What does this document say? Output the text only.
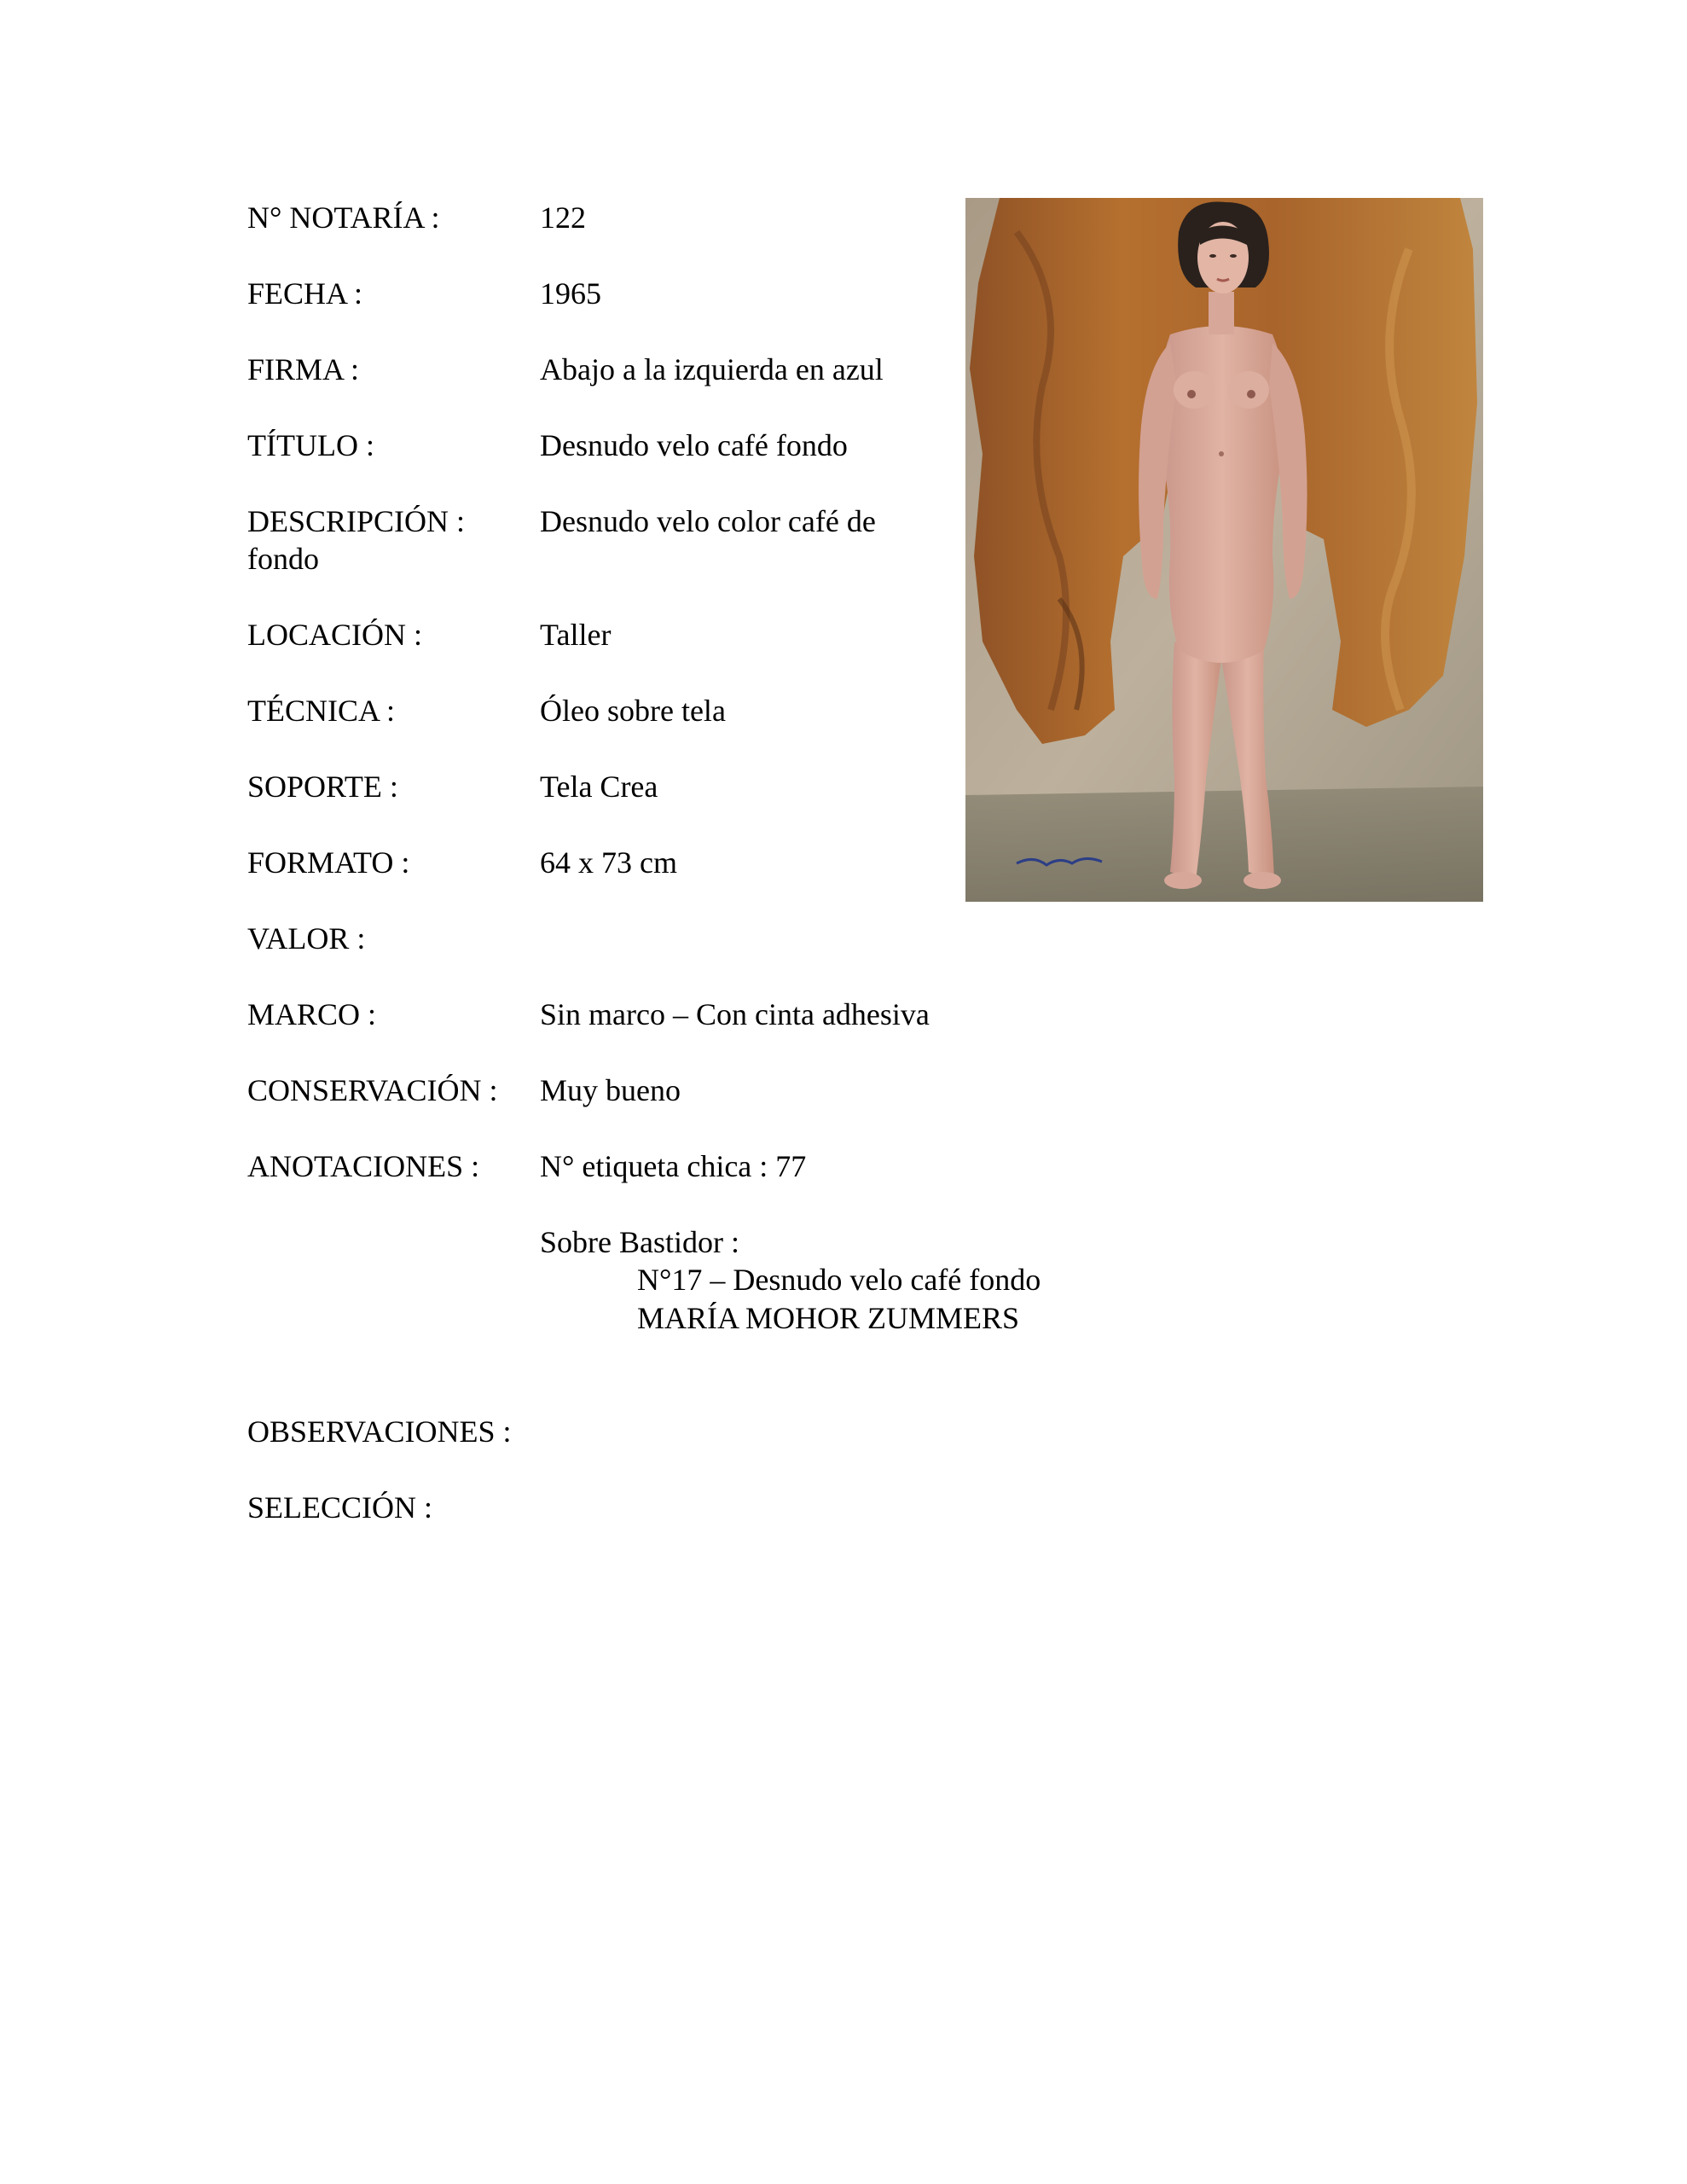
N° NOTARÍA :	122
FECHA :	1965
FIRMA :	Abajo a la izquierda en azul
TÍTULO :	Desnudo velo café fondo
DESCRIPCIÓN : Desnudo velo color café de
fondo
LOCACIÓN :	Taller
TÉCNICA :	Óleo sobre tela
SOPORTE :	Tela Crea
FORMATO :	64 x 73 cm
VALOR :
MARCO :	Sin marco – Con cinta adhesiva
CONSERVACIÓN : Muy bueno
ANOTACIONES : N° etiqueta chica : 77
Sobre Bastidor :
N°17 – Desnudo velo café fondo
MARÍA MOHOR ZUMMERS
OBSERVACIONES :
SELECCIÓN :
